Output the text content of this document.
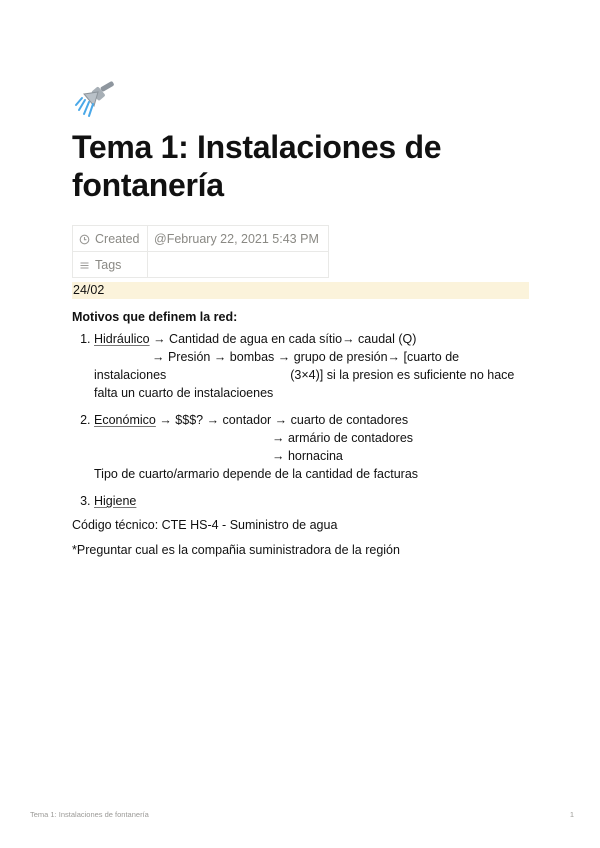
Tema 1: Instalaciones de fontanería
Created	@February 22, 2021 5:43 PM
Tags	
24/02
Motivos que definem la red:
1. Hidráulico → Cantidad de agua en cada sítio→ caudal (Q)
→ Presión → bombas → grupo de presión→ [cuarto de
instalaciones	(3×4)] si la presion es suficiente no hace
falta un cuarto de instalacioenes
2. Económico → $$$? → contador → cuarto de contadores
→ armário de contadores
→ hornacina
Tipo de cuarto/armario depende de la cantidad de facturas
3. Higiene
Código técnico: CTE HS-4 - Suministro de agua
*Preguntar cual es la compañia suministradora de la región
Tema 1: Instalaciones de fontanería	1
